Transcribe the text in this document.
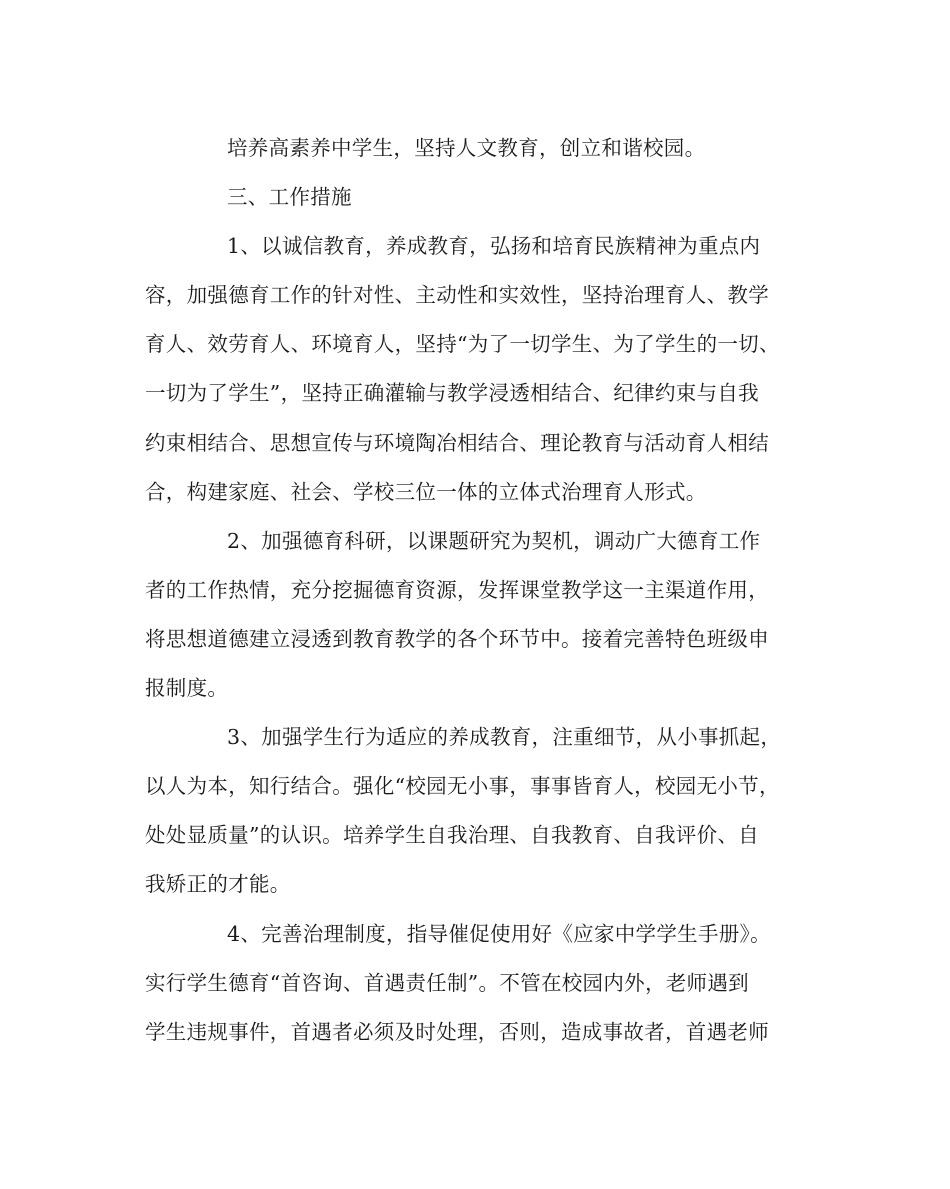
培养高素养中学生，坚持人文教育，创立和谐校园。
三、工作措施
1、以诚信教育，养成教育，弘扬和培育民族精神为重点内
容，加强德育工作的针对性、主动性和实效性，坚持治理育人、教学
育人、效劳育人、环境育人，坚持“为了一切学生、为了学生的一切、
一切为了学生”，坚持正确灌输与教学浸透相结合、纪律约束与自我
约束相结合、思想宣传与环境陶冶相结合、理论教育与活动育人相结
合，构建家庭、社会、学校三位一体的立体式治理育人形式。
2、加强德育科研，以课题研究为契机，调动广大德育工作
者的工作热情，充分挖掘德育资源，发挥课堂教学这一主渠道作用，
将思想道德建立浸透到教育教学的各个环节中。接着完善特色班级申
报制度。
3、加强学生行为适应的养成教育，注重细节，从小事抓起，
以人为本，知行结合。强化“校园无小事，事事皆育人，校园无小节，
处处显质量”的认识。培养学生自我治理、自我教育、自我评价、自
我矫正的才能。
4、完善治理制度，指导催促使用好《应家中学学生手册》。
实行学生德育“首咨询、首遇责任制”。不管在校园内外，老师遇到
学生违规事件，首遇者必须及时处理，否则，造成事故者，首遇老师
